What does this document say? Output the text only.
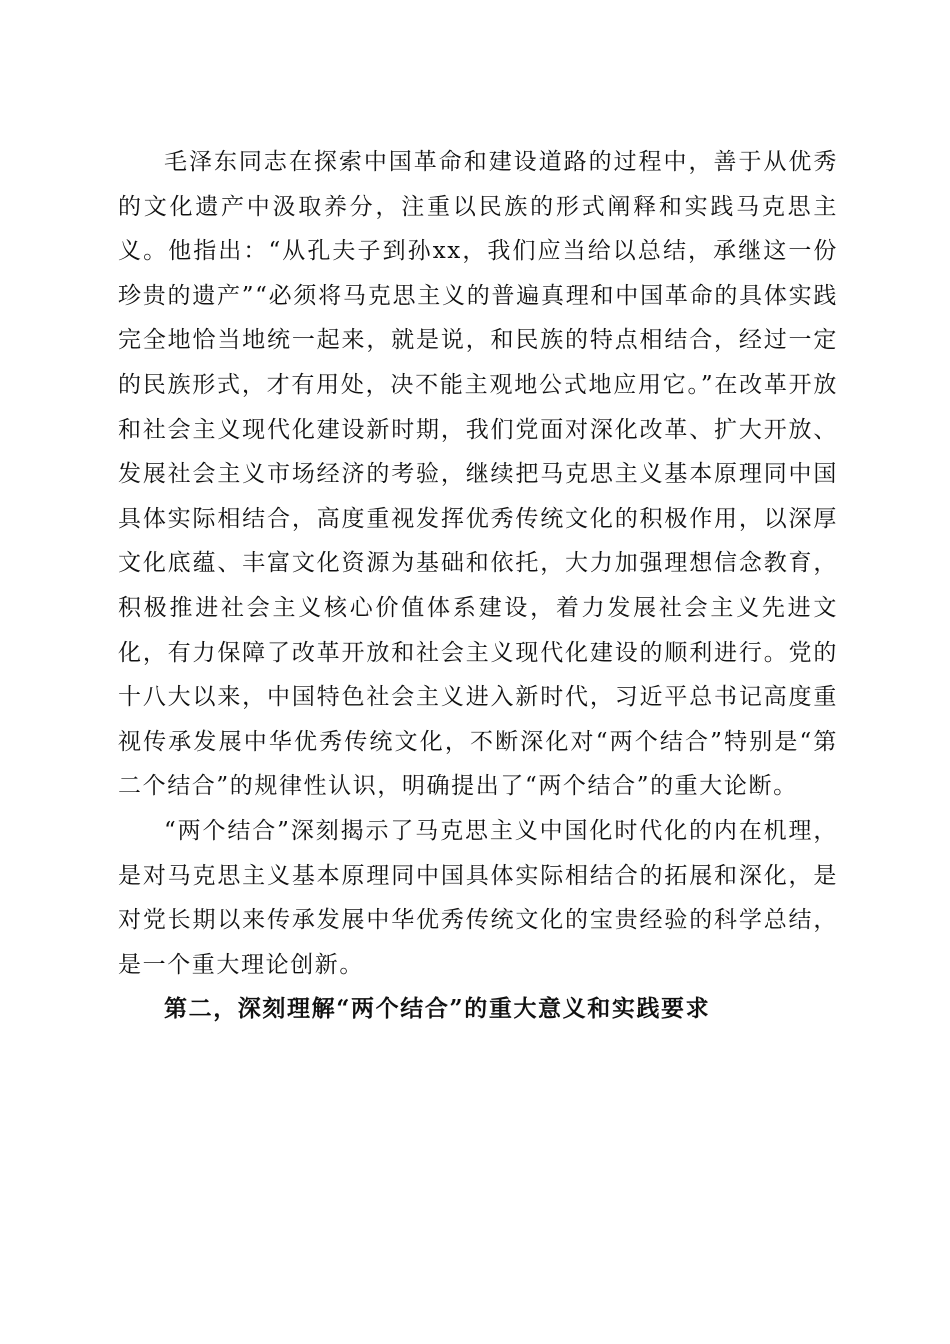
毛泽东同志在探索中国革命和建设道路的过程中，善于从优秀的文化遗产中汲取养分，注重以民族的形式阐释和实践马克思主义。他指出：“从孔夫子到孙xx，我们应当给以总结，承继这一份珍贵的遗产”“必须将马克思主义的普遍真理和中国革命的具体实践完全地恰当地统一起来，就是说，和民族的特点相结合，经过一定的民族形式，才有用处，决不能主观地公式地应用它。”在改革开放和社会主义现代化建设新时期，我们党面对深化改革、扩大开放、发展社会主义市场经济的考验，继续把马克思主义基本原理同中国具体实际相结合，高度重视发挥优秀传统文化的积极作用，以深厚文化底蕴、丰富文化资源为基础和依托，大力加强理想信念教育，积极推进社会主义核心价值体系建设，着力发展社会主义先进文化，有力保障了改革开放和社会主义现代化建设的顺利进行。党的十八大以来，中国特色社会主义进入新时代，习近平总书记高度重视传承发展中华优秀传统文化，不断深化对“两个结合”特别是“第二个结合”的规律性认识，明确提出了“两个结合”的重大论断。

“两个结合”深刻揭示了马克思主义中国化时代化的内在机理，是对马克思主义基本原理同中国具体实际相结合的拓展和深化，是对党长期以来传承发展中华优秀传统文化的宝贵经验的科学总结，是一个重大理论创新。

第二，深刻理解“两个结合”的重大意义和实践要求
